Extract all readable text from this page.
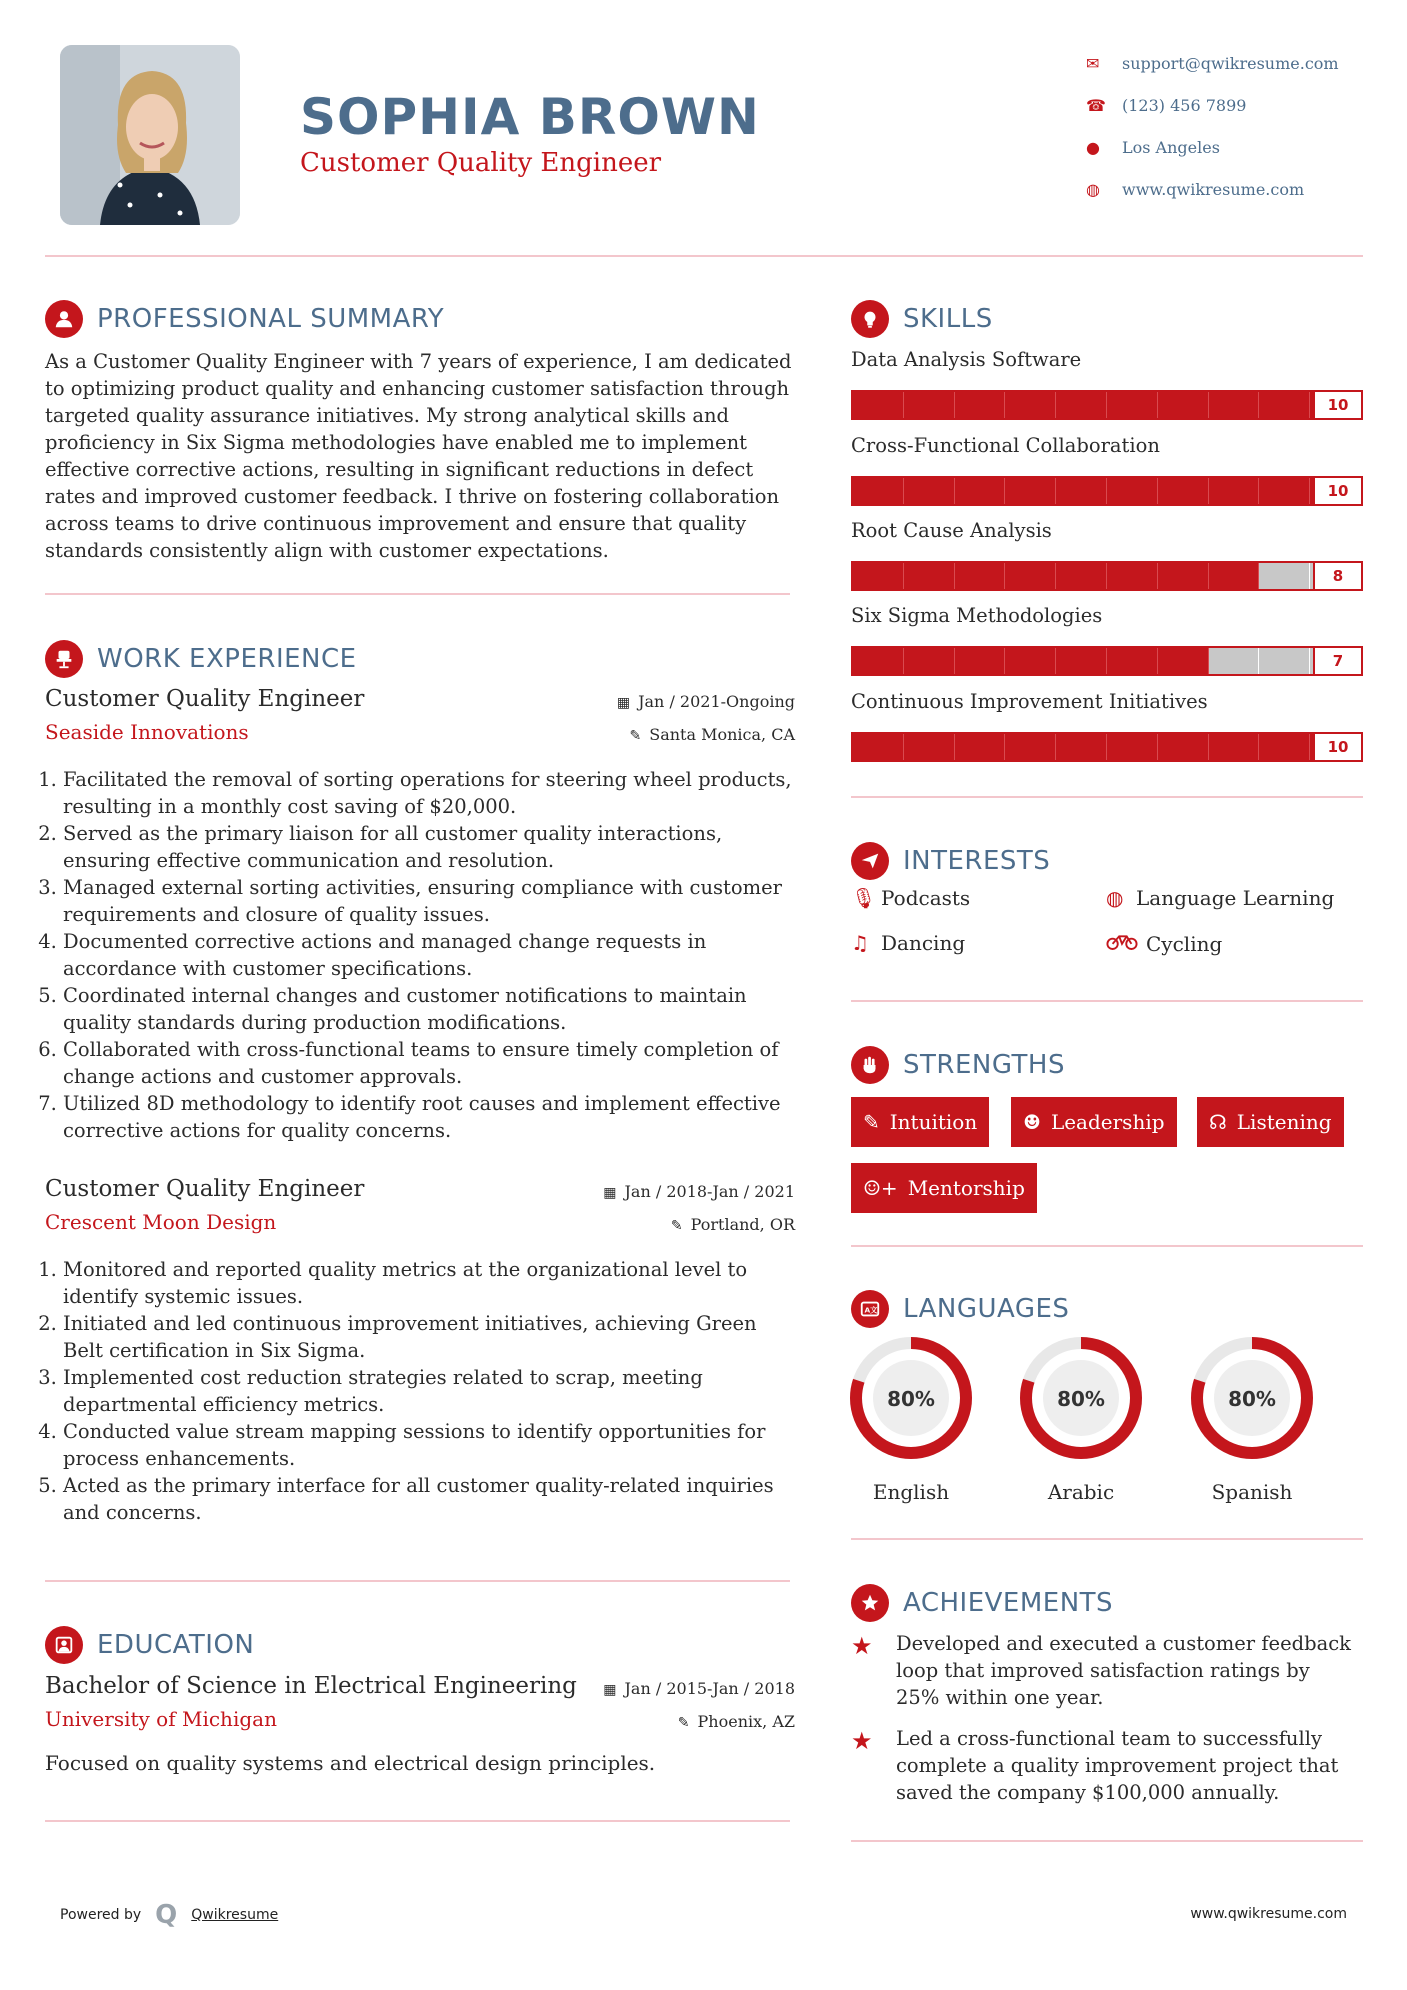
SOPHIA BROWN
Customer Quality Engineer
✉	support@qwikresume.com
☎	(123) 456 7899
●	Los Angeles
◍	www.qwikresume.com
PROFESSIONAL SUMMARY
As a Customer Quality Engineer with 7 years of experience, I am dedicated to optimizing product quality and enhancing customer satisfaction through targeted quality assurance initiatives. My strong analytical skills and proficiency in Six Sigma methodologies have enabled me to implement effective corrective actions, resulting in significant reductions in defect rates and improved customer feedback. I thrive on fostering collaboration across teams to drive continuous improvement and ensure that quality standards consistently align with customer expectations.
WORK EXPERIENCE
Customer Quality Engineer	▦ Jan / 2021-Ongoing
Seaside Innovations	✎ Santa Monica, CA
1. Facilitated the removal of sorting operations for steering wheel products, resulting in a monthly cost saving of $20,000.
2. Served as the primary liaison for all customer quality interactions, ensuring effective communication and resolution.
3. Managed external sorting activities, ensuring compliance with customer requirements and closure of quality issues.
4. Documented corrective actions and managed change requests in accordance with customer specifications.
5. Coordinated internal changes and customer notifications to maintain quality standards during production modifications.
6. Collaborated with cross-functional teams to ensure timely completion of change actions and customer approvals.
7. Utilized 8D methodology to identify root causes and implement effective corrective actions for quality concerns.
Customer Quality Engineer	▦ Jan / 2018-Jan / 2021
Crescent Moon Design	✎ Portland, OR
1. Monitored and reported quality metrics at the organizational level to identify systemic issues.
2. Initiated and led continuous improvement initiatives, achieving Green Belt certification in Six Sigma.
3. Implemented cost reduction strategies related to scrap, meeting departmental efficiency metrics.
4. Conducted value stream mapping sessions to identify opportunities for process enhancements.
5. Acted as the primary interface for all customer quality-related inquiries and concerns.
EDUCATION
Bachelor of Science in Electrical Engineering ▦ Jan / 2015-Jan / 2018
University of Michigan	✎ Phoenix, AZ
Focused on quality systems and electrical design principles.
SKILLS
Data Analysis Software
10
Cross-Functional Collaboration
10
Root Cause Analysis
8
Six Sigma Methodologies
7
Continuous Improvement Initiatives
10
INTERESTS
🎙 Podcasts	◍ Language Learning
♫ Dancing	Cycling
STRENGTHS
✎ Intuition ☻ Leadership ☊ Listening
☺+ Mentorship
A文 LANGUAGES
80%
English
80%
Arabic
80%
Spanish
ACHIEVEMENTS
★	Developed and executed a customer feedback loop that improved satisfaction ratings by 25% within one year.
★	Led a cross-functional team to successfully complete a quality improvement project that saved the company $100,000 annually.
Powered by Q Qwikresume	www.qwikresume.com
